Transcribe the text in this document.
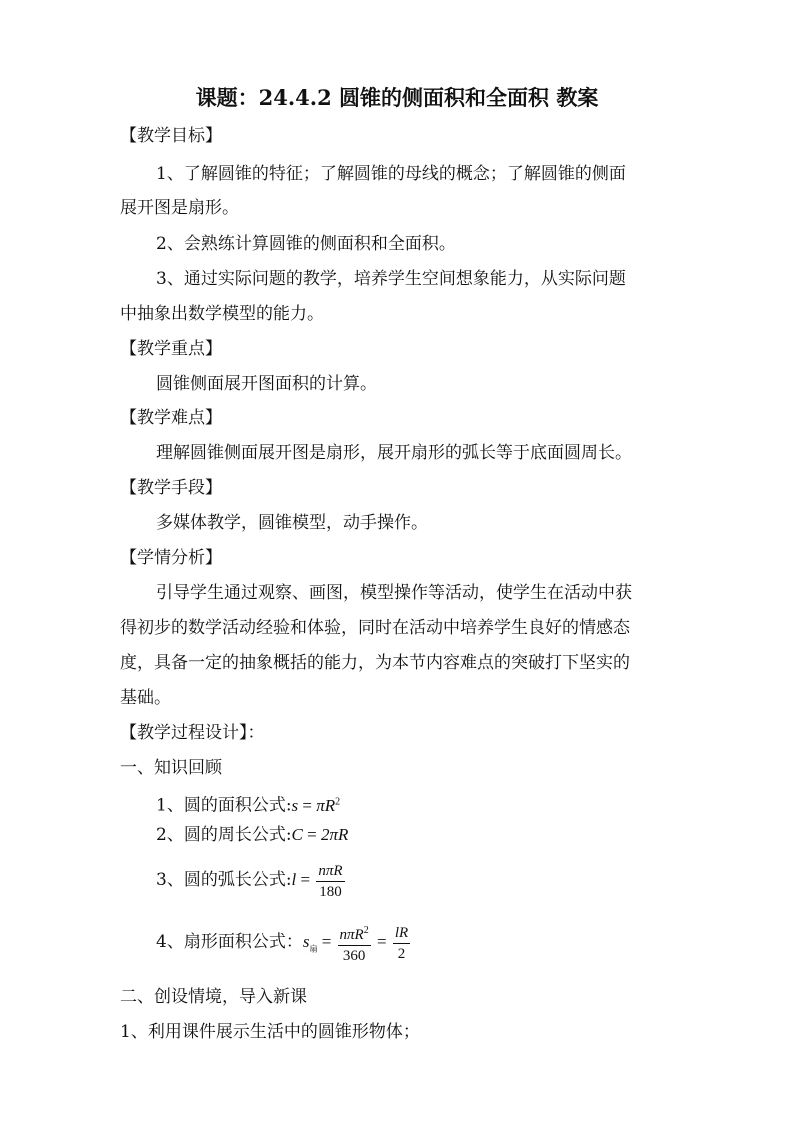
课题：24.4.2 圆锥的侧面积和全面积 教案
【教学目标】
1、了解圆锥的特征；了解圆锥的母线的概念；了解圆锥的侧面
展开图是扇形。
2、会熟练计算圆锥的侧面积和全面积。
3、通过实际问题的教学，培养学生空间想象能力，从实际问题
中抽象出数学模型的能力。
【教学重点】
圆锥侧面展开图面积的计算。
【教学难点】
理解圆锥侧面展开图是扇形，展开扇形的弧长等于底面圆周长。
【教学手段】
多媒体教学，圆锥模型，动手操作。
【学情分析】
引导学生通过观察、画图，模型操作等活动，使学生在活动中获
得初步的数学活动经验和体验，同时在活动中培养学生良好的情感态
度，具备一定的抽象概括的能力，为本节内容难点的突破打下坚实的
基础。
【教学过程设计】：
一、知识回顾
1、圆的面积公式:s = $\pi R^2$
2、圆的周长公式:C = 2πR
3、圆的弧长公式:l = $\frac{\text{nπR}}{180}$
4、扇形面积公式：$s_扇 = \frac{n\pi R^2}{360} = \frac{lR}{2}$
二、创设情境，导入新课
1、利用课件展示生活中的圆锥形物体；
